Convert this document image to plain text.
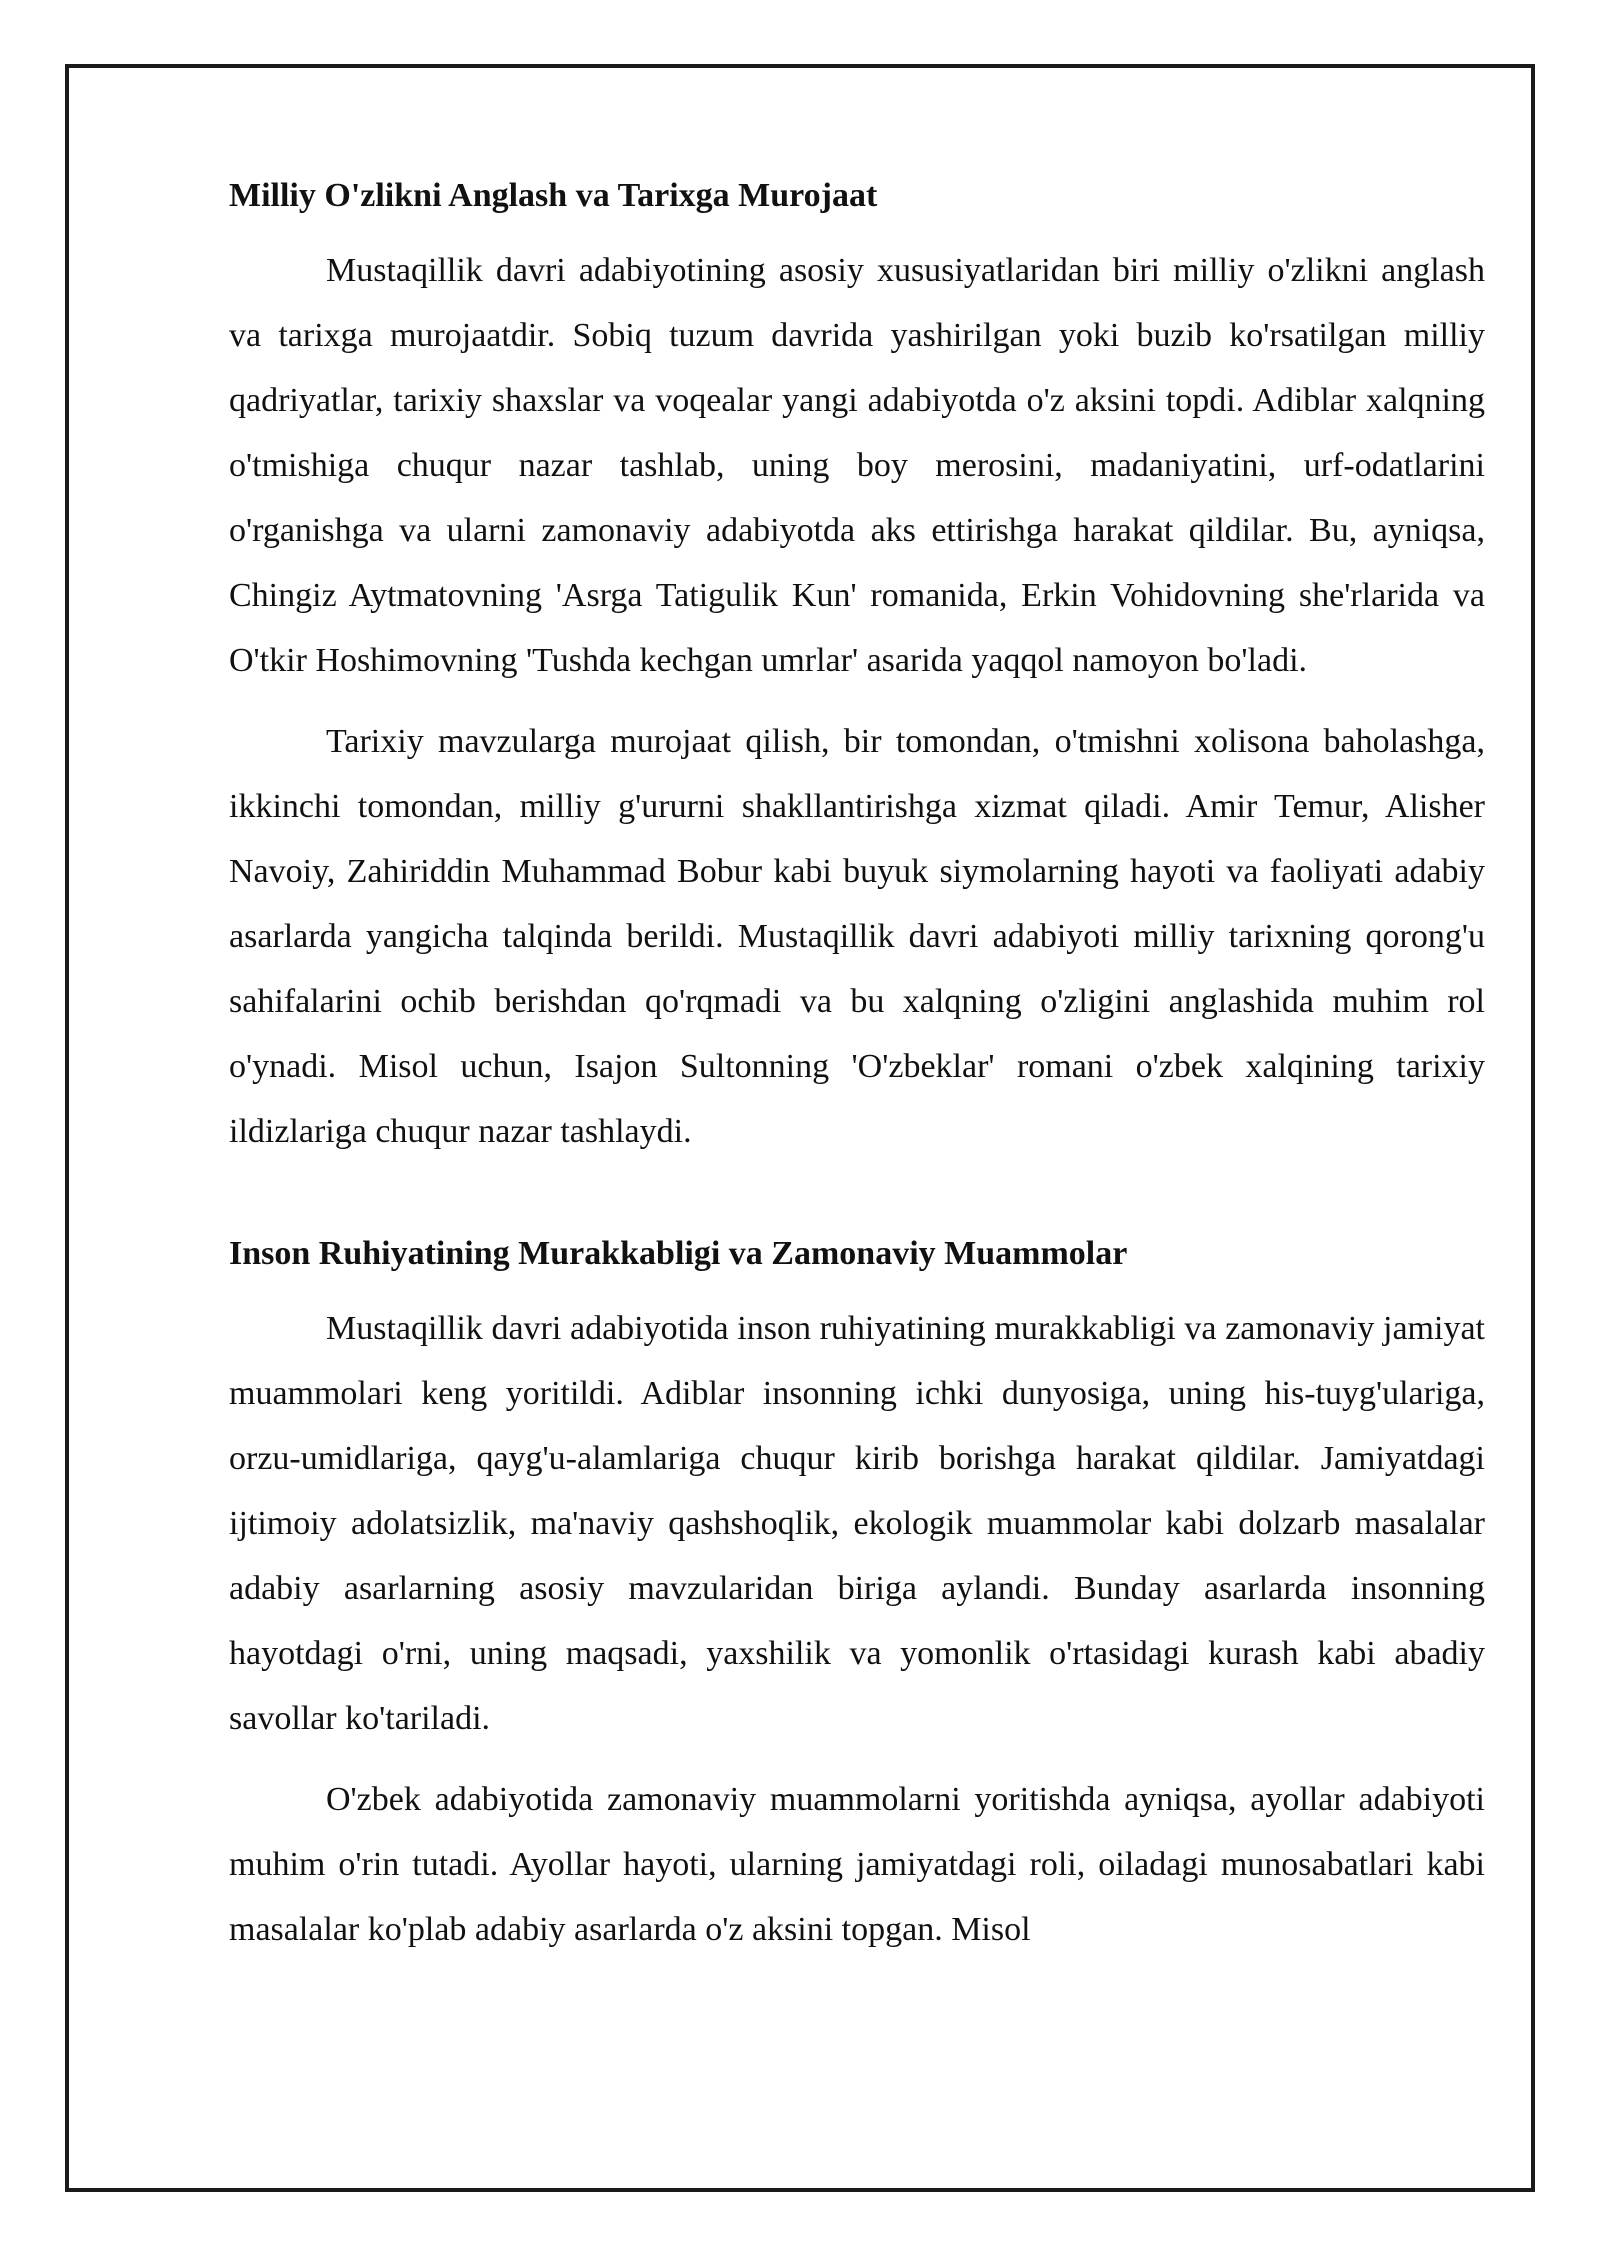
Milliy O'zlikni Anglash va Tarixga Murojaat

Mustaqillik davri adabiyotining asosiy xususiyatlaridan biri milliy o'zlikni anglash va tarixga murojaatdir. Sobiq tuzum davrida yashirilgan yoki buzib ko'rsatilgan milliy qadriyatlar, tarixiy shaxslar va voqealar yangi adabiyotda o'z aksini topdi. Adiblar xalqning o'tmishiga chuqur nazar tashlab, uning boy merosini, madaniyatini, urf-odatlarini o'rganishga va ularni zamonaviy adabiyotda aks ettirishga harakat qildilar. Bu, ayniqsa, Chingiz Aytmatovning 'Asrga Tatigulik Kun' romanida, Erkin Vohidovning she'rlarida va O'tkir Hoshimovning 'Tushda kechgan umrlar' asarida yaqqol namoyon bo'ladi.

Tarixiy mavzularga murojaat qilish, bir tomondan, o'tmishni xolisona baholashga, ikkinchi tomondan, milliy g'ururni shakllantirishga xizmat qiladi. Amir Temur, Alisher Navoiy, Zahiriddin Muhammad Bobur kabi buyuk siymolarning hayoti va faoliyati adabiy asarlarda yangicha talqinda berildi. Mustaqillik davri adabiyoti milliy tarixning qorong'u sahifalarini ochib berishdan qo'rqmadi va bu xalqning o'zligini anglashida muhim rol o'ynadi. Misol uchun, Isajon Sultonning 'O'zbeklar' romani o'zbek xalqining tarixiy ildizlariga chuqur nazar tashlaydi.

Inson Ruhiyatining Murakkabligi va Zamonaviy Muammolar

Mustaqillik davri adabiyotida inson ruhiyatining murakkabligi va zamonaviy jamiyat muammolari keng yoritildi. Adiblar insonning ichki dunyosiga, uning his-tuyg'ulariga, orzu-umidlariga, qayg'u-alamlariga chuqur kirib borishga harakat qildilar. Jamiyatdagi ijtimoiy adolatsizlik, ma'naviy qashshoqlik, ekologik muammolar kabi dolzarb masalalar adabiy asarlarning asosiy mavzularidan biriga aylandi. Bunday asarlarda insonning hayotdagi o'rni, uning maqsadi, yaxshilik va yomonlik o'rtasidagi kurash kabi abadiy savollar ko'tariladi.

O'zbek adabiyotida zamonaviy muammolarni yoritishda ayniqsa, ayollar adabiyoti muhim o'rin tutadi. Ayollar hayoti, ularning jamiyatdagi roli, oiladagi munosabatlari kabi masalalar ko'plab adabiy asarlarda o'z aksini topgan. Misol
